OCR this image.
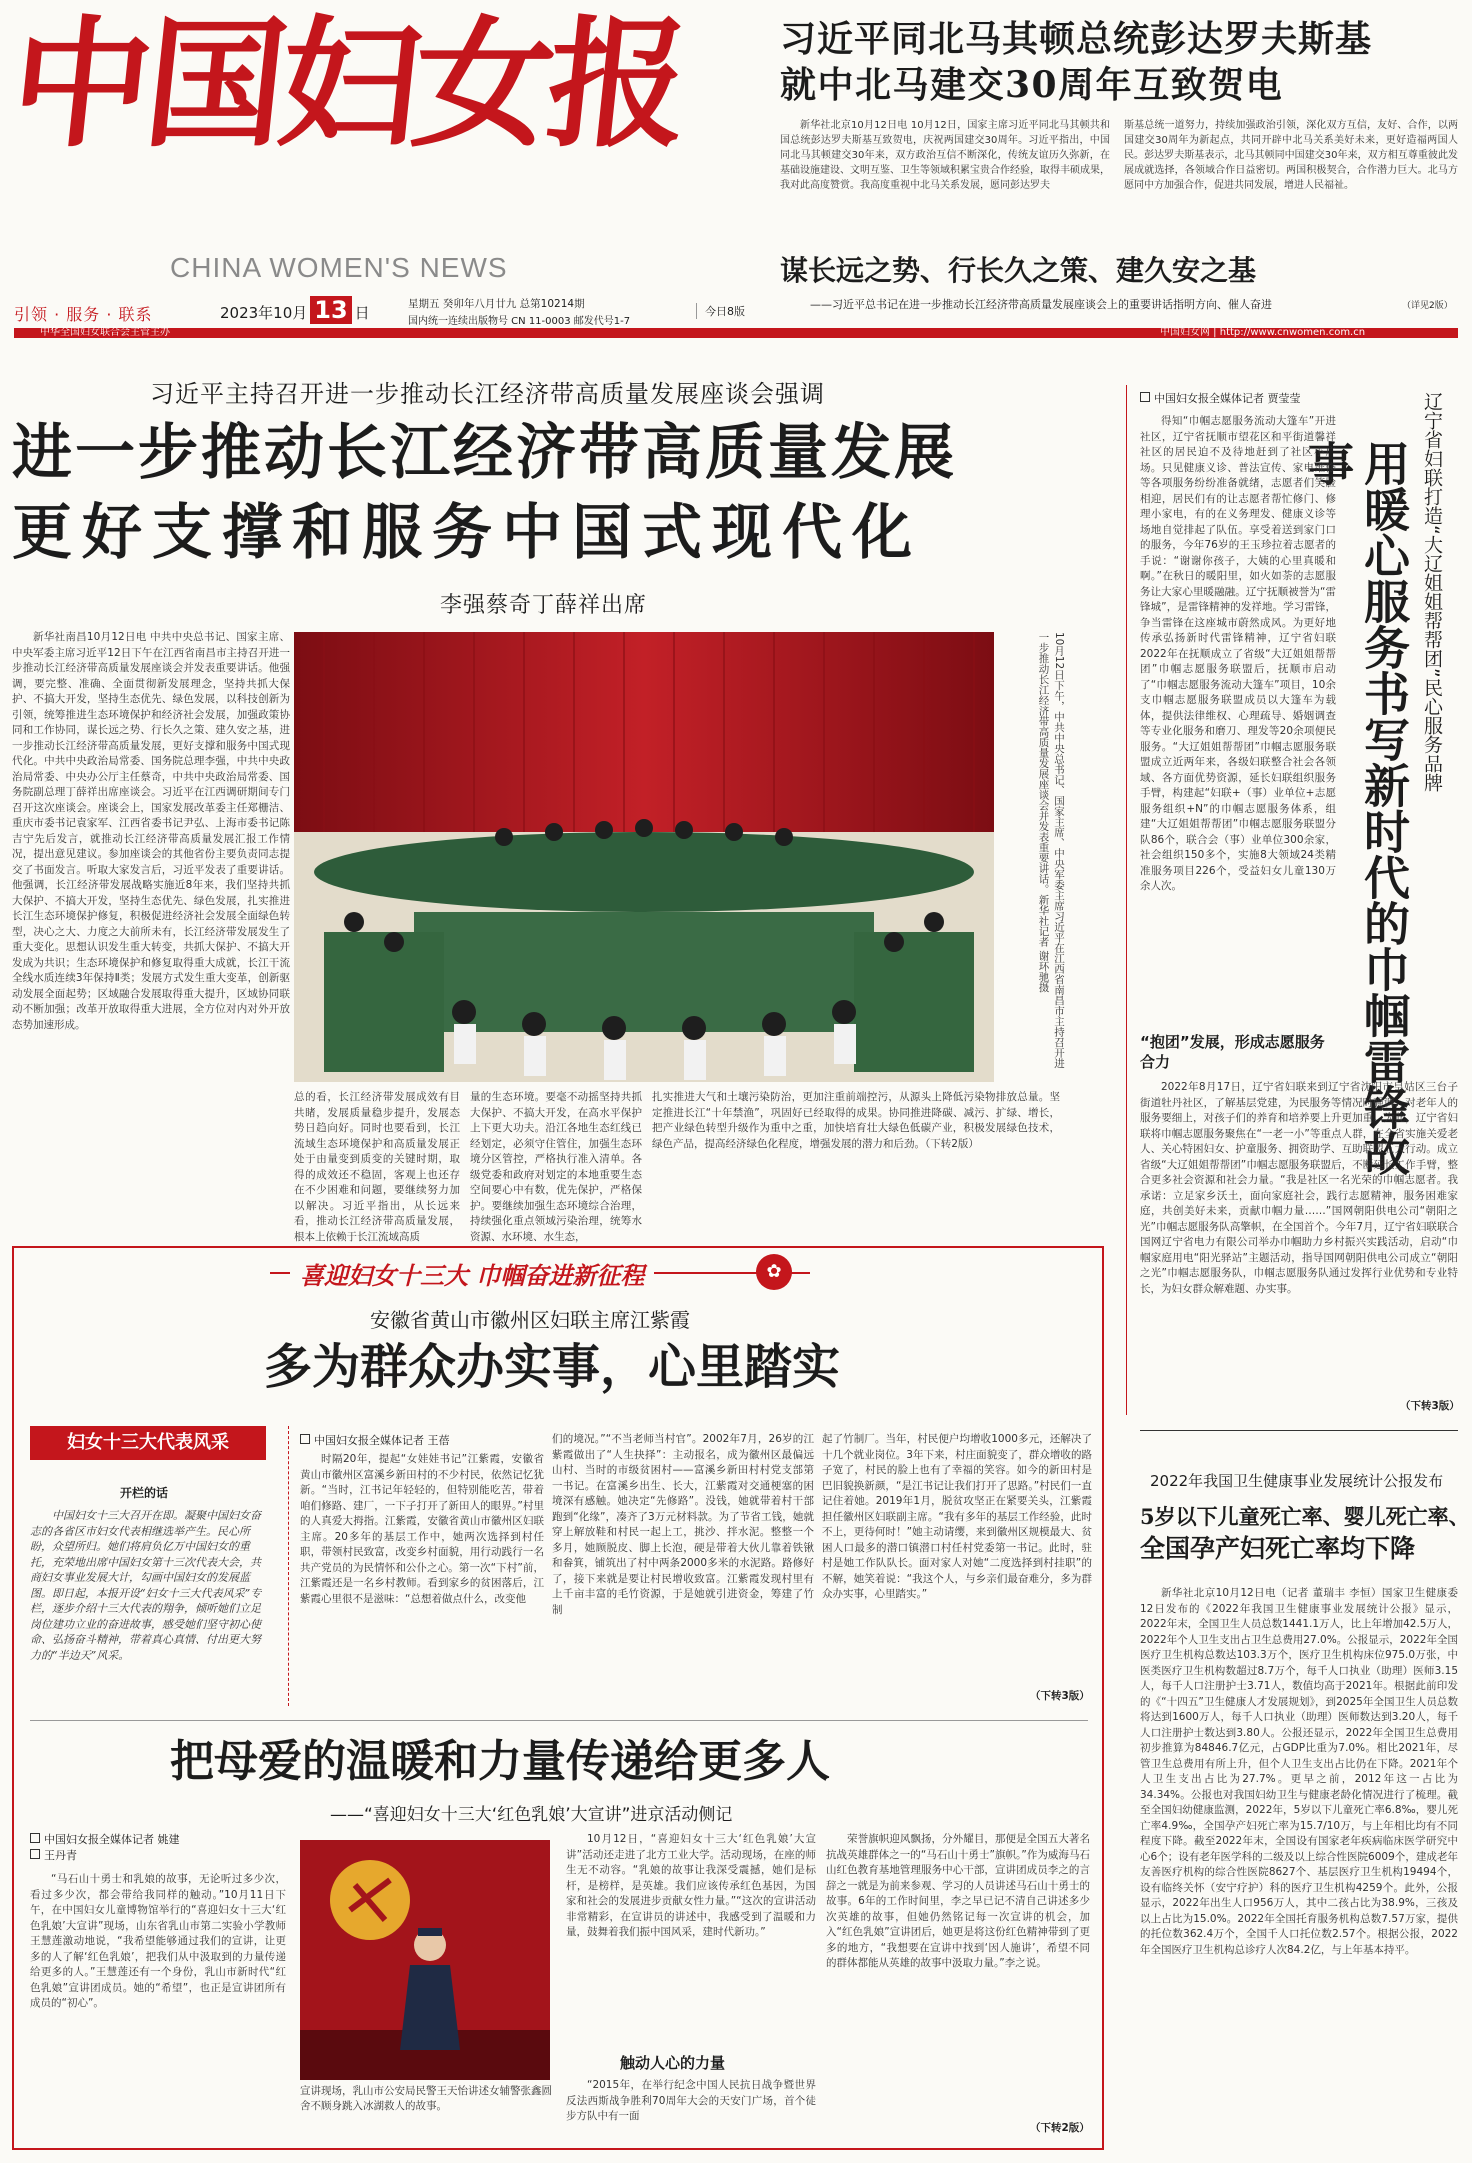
中国妇女报
CHINA WOMEN'S NEWS
引领 · 服务 · 联系	2023年10月 13 日	星期五 癸卯年八月廿九 总第10214期
国内统一连续出版物号 CN 11-0003 邮发代号1-7
今日8版
中华全国妇女联合会主管主办	中国妇女网 | http://www.cnwomen.com.cn
习近平同北马其顿总统彭达罗夫斯基
就中北马建交30周年互致贺电
新华社北京10月12日电 10月12日，国家主席习近平同北马其顿共和国总统彭达罗夫斯基互致贺电，庆祝两国建交30周年。习近平指出，中国同北马其顿建交30年来，双方政治互信不断深化，传统友谊历久弥新，在基础设施建设、文明互鉴、卫生等领域积累宝贵合作经验，取得丰硕成果，我对此高度赞赏。我高度重视中北马关系发展，愿同彭达罗夫
斯基总统一道努力，持续加强政治引领，深化双方互信，友好、合作，以两国建交30周年为新起点，共同开辟中北马关系美好未来，更好造福两国人民。彭达罗夫斯基表示，北马其顿同中国建交30年来，双方相互尊重彼此发展成就选择，各领域合作日益密切。两国积极契合，合作潜力巨大。北马方愿同中方加强合作，促进共同发展，增进人民福祉。
谋长远之势、行长久之策、建久安之基
——习近平总书记在进一步推动长江经济带高质量发展座谈会上的重要讲话指明方向、催人奋进	（详见2版）
习近平主持召开进一步推动长江经济带高质量发展座谈会强调
进一步推动长江经济带高质量发展
更好支撑和服务中国式现代化
李强蔡奇丁薛祥出席
新华社南昌10月12日电 中共中央总书记、国家主席、中央军委主席习近平12日下午在江西省南昌市主持召开进一步推动长江经济带高质量发展座谈会并发表重要讲话。他强调，要完整、准确、全面贯彻新发展理念，坚持共抓大保护、不搞大开发，坚持生态优先、绿色发展，以科技创新为引领，统筹推进生态环境保护和经济社会发展，加强政策协同和工作协同，谋长远之势、行长久之策、建久安之基，进一步推动长江经济带高质量发展，更好支撑和服务中国式现代化。中共中央政治局常委、国务院总理李强，中共中央政治局常委、中央办公厅主任蔡奇，中共中央政治局常委、国务院副总理丁薛祥出席座谈会。习近平在江西调研期间专门召开这次座谈会。座谈会上，国家发展改革委主任郑栅洁、重庆市委书记袁家军、江西省委书记尹弘、上海市委书记陈吉宁先后发言，就推动长江经济带高质量发展汇报工作情况，提出意见建议。参加座谈会的其他省份主要负责同志提交了书面发言。听取大家发言后，习近平发表了重要讲话。他强调，长江经济带发展战略实施近8年来，我们坚持共抓大保护、不搞大开发，坚持生态优先、绿色发展，扎实推进长江生态环境保护修复，积极促进经济社会发展全面绿色转型，决心之大、力度之大前所未有，长江经济带发展发生了重大变化。思想认识发生重大转变，共抓大保护、不搞大开发成为共识；生态环境保护和修复取得重大成就，长江干流全线水质连续3年保持Ⅱ类；发展方式发生重大变革，创新驱动发展全面起势；区域融合发展取得重大提升，区域协同联动不断加强；改革开放取得重大进展，全方位对内对外开放态势加速形成。	10月12日下午，中共中央总书记、国家主席、中央军委主席习近平在江西省南昌市主持召开进一步推动长江经济带高质量发展座谈会并发表重要讲话。新华社记者 谢环驰摄
总的看，长江经济带发展成效有目共睹，发展质量稳步提升，发展态势日趋向好。同时也要看到，长江流域生态环境保护和高质量发展正处于由量变到质变的关键时期，取得的成效还不稳固，客观上也还存在不少困难和问题，要继续努力加以解决。习近平指出，从长远来看，推动长江经济带高质量发展，根本上依赖于长江流域高质
量的生态环境。要毫不动摇坚持共抓大保护、不搞大开发，在高水平保护上下更大功夫。沿江各地生态红线已经划定，必须守住管住，加强生态环境分区管控，严格执行准入清单。各级党委和政府对划定的本地重要生态空间要心中有数，优先保护，严格保护。要继续加强生态环境综合治理，持续强化重点领域污染治理，统筹水资源、水环境、水生态，
扎实推进大气和土壤污染防治，更加注重前端控污，从源头上降低污染物排放总量。坚定推进长江“十年禁渔”，巩固好已经取得的成果。协同推进降碳、减污、扩绿、增长，把产业绿色转型升级作为重中之重，加快培育壮大绿色低碳产业，积极发展绿色技术，绿色产品，提高经济绿色化程度，增强发展的潜力和后劲。（下转2版）
中国妇女报全媒体记者 贾莹莹	辽宁省妇联打造“大辽姐姐帮帮团”民心服务品牌
用暖心服务书写新时代的巾帼雷锋故事
得知“巾帼志愿服务流动大篷车”开进社区，辽宁省抚顺市望花区和平街道馨祥社区的居民迫不及待地赶到了社区小广场。只见健康义诊、普法宣传、家电维修等各项服务纷纷准备就绪，志愿者们笑脸相迎，居民们有的让志愿者帮忙修门、修理小家电，有的在义务理发、健康义诊等场地自觉排起了队伍。享受着送到家门口的服务，今年76岁的王玉珍拉着志愿者的手说：“谢谢你孩子，大姨的心里真暖和啊。”在秋日的暖阳里，如火如荼的志愿服务让大家心里暖融融。辽宁抚顺被誉为“雷锋城”，是雷锋精神的发祥地。学习雷锋，争当雷锋在这座城市蔚然成风。为更好地传承弘扬新时代雷锋精神，辽宁省妇联2022年在抚顺成立了省级“大辽姐姐帮帮团”巾帼志愿服务联盟后，抚顺市启动了“巾帼志愿服务流动大篷车”项目，10余支巾帼志愿服务联盟成员以大篷车为载体，提供法律维权、心理疏导、婚姻调查等专业化服务和磨刀、理发等20余项便民服务。“大辽姐姐帮帮团”巾帼志愿服务联盟成立近两年来，各级妇联整合社会各领域、各方面优势资源，延长妇联组织服务手臂，构建起“妇联+（事）业单位+志愿服务组织+N”的巾帼志愿服务体系，组建“大辽姐姐帮帮团”巾帼志愿服务联盟分队86个，联合会（事）业单位300余家，社会组织150多个，实施8大领域24类精准服务项目226个，受益妇女儿童130万余人次。
“抱团”发展，形成志愿服务合力
2022年8月17日，辽宁省妇联来到辽宁省沈阳市皇姑区三台子街道牡丹社区，了解基层党建，为民服务等情况时强调，对老年人的服务要细上，对孩子们的养育和培养要上升更加重。为此，辽宁省妇联将巾帼志愿服务聚焦在“一老一小”等重点人群，在全省实施关爱老人、关心特困妇女、护童服务、拥资助学、互助联盟五大行动。成立省级“大辽姐姐帮帮团”巾帼志愿服务联盟后，不断延长工作手臂，整合更多社会资源和社会力量。“我是社区一名光荣的巾帼志愿者。我承诺：立足家乡沃土，面向家庭社会，践行志愿精神，服务困难家庭，共创美好未来，贡献巾帼力量……”国网朝阳供电公司“朝阳之光”巾帼志愿服务队高擎帜，在全国首个。今年7月，辽宁省妇联联合国网辽宁省电力有限公司举办巾帼助力乡村振兴实践活动，启动“巾帼家庭用电“阳光驿站”主题活动，指导国网朝阳供电公司成立“朝阳之光”巾帼志愿服务队，巾帼志愿服务队通过发挥行业优势和专业特长，为妇女群众解难题、办实事。
（下转3版）
喜迎妇女十三大 巾帼奋进新征程	✿
安徽省黄山市徽州区妇联主席江紫霞
多为群众办实事，心里踏实
妇女十三大代表风采
开栏的话
中国妇女十三大召开在即。凝聚中国妇女奋志的各省区市妇女代表相继选举产生。民心所盼，众望所归。她们将肩负亿万中国妇女的重托，充荣地出席中国妇女第十三次代表大会，共商妇女事业发展大计，勾画中国妇女的发展蓝图。即日起，本报开设“妇女十三大代表风采”专栏，逐步介绍十三大代表的翔争，倾听她们立足岗位建功立业的奋进故事，感受她们坚守初心使命、弘扬奋斗精神，带着真心真情、付出更大努力的“半边天”风采。
中国妇女报全媒体记者 王蓓
时隔20年，提起“女娃娃书记”江紫霞，安徽省黄山市徽州区富溪乡新田村的不少村民，依然记忆犹新。“当时，江书记年轻轻的，但特别能吃苦，带着咱们修路、建厂，一下子打开了新田人的眼界。”村里的人真爱大拇指。江紫霞，安徽省黄山市徽州区妇联主席。20多年的基层工作中，她两次选择到村任职，带领村民致富，改变乡村面貌，用行动践行一名共产党员的为民情怀和公仆之心。第一次“下村”前，江紫霞还是一名乡村教师。看到家乡的贫困落后，江紫霞心里很不是滋味：“总想着做点什么，改变他
们的境况。”“不当老师当村官”。2002年7月，26岁的江紫霞做出了“人生抉择”：主动报名，成为徽州区最偏远山村、当时的市级贫困村——富溪乡新田村村党支部第一书记。在富溪乡出生、长大，江紫霞对交通梗塞的困境深有感触。她决定“先修路”。没钱，她就带着村干部跑到“化缘”，凑齐了3万元材料款。为了节省工钱，她就穿上解放鞋和村民一起上工，挑沙、拌水泥。整整一个多月，她顾脱皮、脚上长泡，硬是带着大伙儿靠着铁锹和畚箕，铺筑出了村中两条2000多米的水泥路。路修好了，接下来就是要让村民增收致富。江紫霞发现村里有上千亩丰富的毛竹资源，于是她就引进资金，筹建了竹制
起了竹制厂。当年，村民便户均增收1000多元，还解决了十几个就业岗位。3年下来，村庄面貌变了，群众增收的路子宽了，村民的脸上也有了幸福的笑容。如今的新田村是巴旧貌换新颜，“是江书记让我们打开了思路。”村民们一直记住着她。2019年1月，脱贫攻坚正在紧要关头，江紫霞担任徽州区妇联副主席。“我有多年的基层工作经验，此时不上，更待何时！”她主动请缨，来到徽州区规模最大、贫困人口最多的潜口镇潜口村任村党委第一书记。此时，驻村是她工作队队长。面对家人对她“二度选择到村挂职”的不解，她笑着说：“我这个人，与乡亲们最奋难分，多为群众办实事，心里踏实。”
（下转3版）
把母爱的温暖和力量传递给更多人
——“喜迎妇女十三大‘红色乳娘’大宣讲”进京活动侧记
中国妇女报全媒体记者 姚建
王丹青
“马石山十勇士和乳娘的故事，无论听过多少次，看过多少次，都会带给我同样的触动。”10月11日下午，在中国妇女儿童博物馆举行的“喜迎妇女十三大‘红色乳娘’大宣讲”现场，山东省乳山市第二实验小学教师王慧莲激动地说，“我希望能够通过我们的宣讲，让更多的人了解‘红色乳娘’，把我们从中汲取到的力量传递给更多的人。”王慧莲还有一个身份，乳山市新时代“红色乳娘”宣讲团成员。她的“希望”，也正是宣讲团所有成员的“初心”。
宣讲现场，乳山市公安局民警王天怡讲述女辅警张鑫圆舍不顾身跳入冰湖救人的故事。
10月12日，“喜迎妇女十三大‘红色乳娘’大宣讲”活动还走进了北方工业大学。活动现场，在座的师生无不动容。“乳娘的故事让我深受震撼，她们是标杆，是榜样，是英雄。我们应该传承红色基因，为国家和社会的发展进步贡献女性力量。”“这次的宣讲活动非常精彩，在宣讲员的讲述中，我感受到了温暖和力量，鼓舞着我们振中国风采，建时代新功。”
触动人心的力量
“2015年，在举行纪念中国人民抗日战争暨世界反法西斯战争胜利70周年大会的天安门广场，首个徒步方队中有一面
荣誉旗帜迎风飘扬，分外耀目，那便是全国五大著名抗战英雄群体之一的“马石山十勇士”旗帜。”作为威海马石山红色教育基地管理服务中心干部，宣讲团成员李之的言辞之一就是为前来参观、学习的人员讲述马石山十勇士的故事。6年的工作时间里，李之早已记不清自己讲述多少次英雄的故事，但她仍然铭记每一次宣讲的机会，加入“红色乳娘”宣讲团后，她更是将这份红色精神带到了更多的地方，“我想要在宣讲中找到‘因人施讲’，希望不同的群体都能从英雄的故事中汲取力量。”李之说。
（下转2版）
2022年我国卫生健康事业发展统计公报发布
5岁以下儿童死亡率、婴儿死亡率、
全国孕产妇死亡率均下降
新华社北京10月12日电（记者 董瑞丰 李恒）国家卫生健康委12日发布的《2022年我国卫生健康事业发展统计公报》显示，2022年末，全国卫生人员总数1441.1万人，比上年增加42.5万人，2022年个人卫生支出占卫生总费用27.0%。公报显示，2022年全国医疗卫生机构总数达103.3万个，医疗卫生机构床位975.0万张，中医类医疗卫生机构数超过8.7万个，每千人口执业（助理）医师3.15人，每千人口注册护士3.71人，数值均高于2021年。根据此前印发的《“十四五”卫生健康人才发展规划》，到2025年全国卫生人员总数将达到1600万人，每千人口执业（助理）医师数达到3.20人，每千人口注册护士数达到3.80人。公报还显示，2022年全国卫生总费用初步推算为84846.7亿元，占GDP比重为7.0%。相比2021年，尽管卫生总费用有所上升，但个人卫生支出占比仍在下降。2021年个人卫生支出占比为27.7%。更早之前，2012年这一占比为34.34%。公报也对我国妇幼卫生与健康老龄化情况进行了梳理。截至全国妇幼健康监测，2022年，5岁以下儿童死亡率6.8‰，婴儿死亡率4.9‰，全国孕产妇死亡率为15.7/10万，与上年相比均有不同程度下降。截至2022年末，全国设有国家老年疾病临床医学研究中心6个；设有老年医学科的二级及以上综合性医院6009个，建成老年友善医疗机构的综合性医院8627个、基层医疗卫生机构19494个，设有临终关怀（安宁疗护）科的医疗卫生机构4259个。此外，公报显示，2022年出生人口956万人，其中二孩占比为38.9%，三孩及以上占比为15.0%。2022年全国托育服务机构总数7.57万家，提供的托位数362.4万个，全国千人口托位数2.57个。根据公报，2022年全国医疗卫生机构总诊疗人次84.2亿，与上年基本持平。
